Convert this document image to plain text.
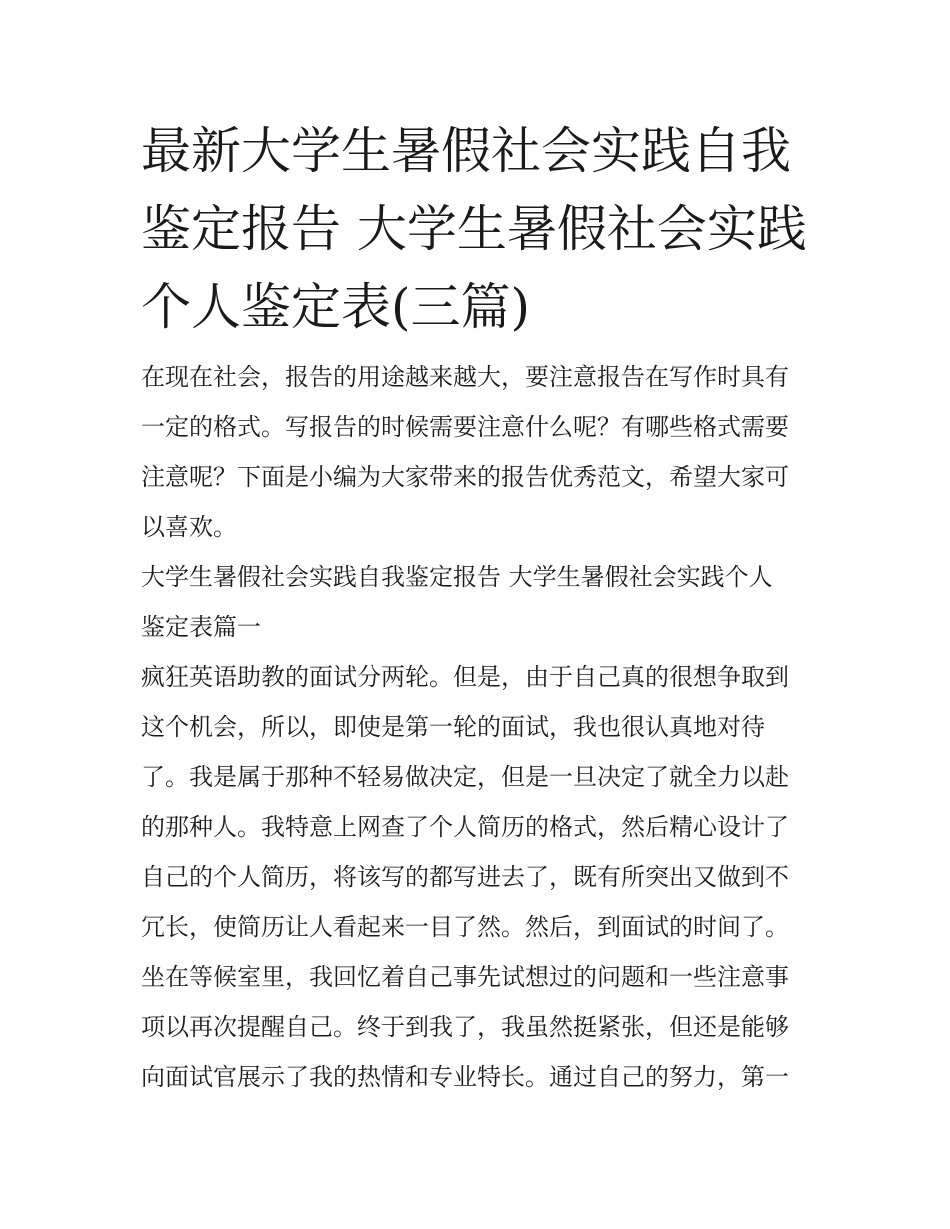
最新大学生暑假社会实践自我
鉴定报告 大学生暑假社会实践
个人鉴定表(三篇)
在现在社会，报告的用途越来越大，要注意报告在写作时具有
一定的格式。写报告的时候需要注意什么呢？有哪些格式需要
注意呢？下面是小编为大家带来的报告优秀范文，希望大家可
以喜欢。
大学生暑假社会实践自我鉴定报告 大学生暑假社会实践个人
鉴定表篇一
疯狂英语助教的面试分两轮。但是，由于自己真的很想争取到
这个机会，所以，即使是第一轮的面试，我也很认真地对待
了。我是属于那种不轻易做决定，但是一旦决定了就全力以赴
的那种人。我特意上网查了个人简历的格式，然后精心设计了
自己的个人简历，将该写的都写进去了，既有所突出又做到不
冗长，使简历让人看起来一目了然。然后，到面试的时间了。
坐在等候室里，我回忆着自己事先试想过的问题和一些注意事
项以再次提醒自己。终于到我了，我虽然挺紧张，但还是能够
向面试官展示了我的热情和专业特长。通过自己的努力，第一
